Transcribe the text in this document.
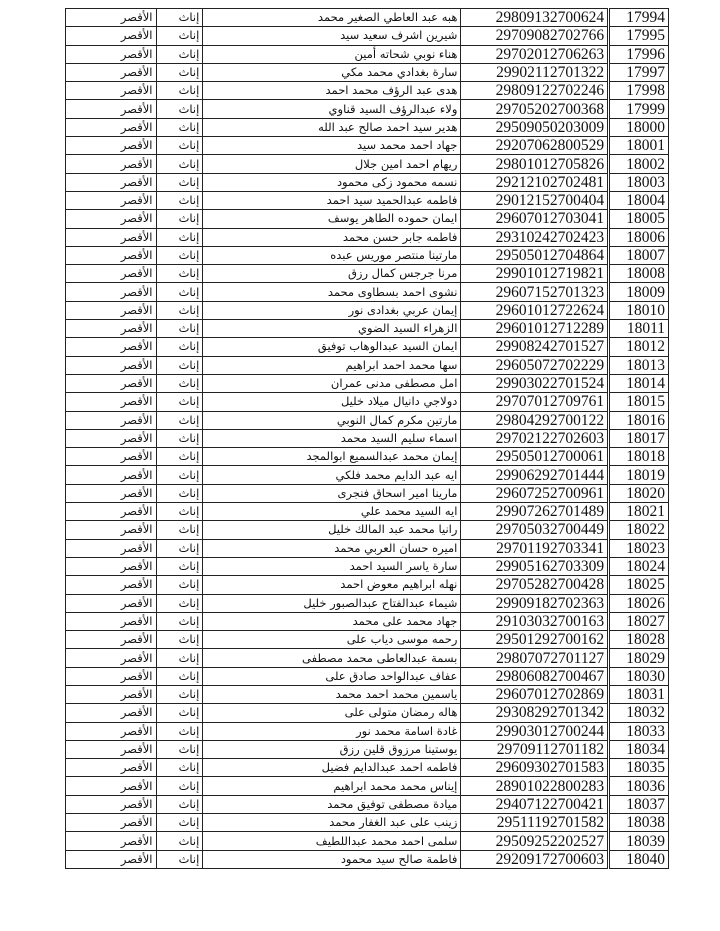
الأقصر	إناث	هبه عبد العاطي الصغير محمد	29809132700624	17994
الأقصر	إناث	شيرين اشرف سعيد سيد	29709082702766	17995
الأقصر	إناث	هناء نوبي شحاته أمين	29702012706263	17996
الأقصر	إناث	سارة بغدادي محمد مكي	29902112701322	17997
الأقصر	إناث	هدى عبد الرؤف محمد احمد	29809122702246	17998
الأقصر	إناث	ولاء عبدالرؤف السيد قناوي	29705202700368	17999
الأقصر	إناث	هدير سيد احمد صالح عبد الله	29509050203009	18000
الأقصر	إناث	جهاد احمد محمد سيد	29207062800529	18001
الأقصر	إناث	ريهام احمد امين جلال	29801012705826	18002
الأقصر	إناث	نسمه محمود زكى محمود	29212102702481	18003
الأقصر	إناث	فاطمه عبدالحميد سيد احمد	29012152700404	18004
الأقصر	إناث	ايمان حموده الطاهر يوسف	29607012703041	18005
الأقصر	إناث	فاطمه جابر حسن محمد	29310242702423	18006
الأقصر	إناث	مارتينا منتصر موريس عبده	29505012704864	18007
الأقصر	إناث	مرنا جرجس كمال رزق	29901012719821	18008
الأقصر	إناث	نشوى احمد بسطاوى محمد	29607152701323	18009
الأقصر	إناث	إيمان عربي بغدادى نور	29601012722624	18010
الأقصر	إناث	الزهراء السيد الضوي	29601012712289	18011
الأقصر	إناث	ايمان السيد عبدالوهاب توفيق	29908242701527	18012
الأقصر	إناث	سها محمد احمد ابراهيم	29605072702229	18013
الأقصر	إناث	امل مصطفى مدنى عمران	29903022701524	18014
الأقصر	إناث	دولاجي دانيال ميلاد خليل	29707012709761	18015
الأقصر	إناث	مارتين مكرم كمال النوبي	29804292700122	18016
الأقصر	إناث	اسماء سليم السيد محمد	29702122702603	18017
الأقصر	إناث	إيمان محمد عبدالسميع ابوالمجد	29505012700061	18018
الأقصر	إناث	ايه عبد الدايم محمد فلكي	29906292701444	18019
الأقصر	إناث	مارينا امير اسحاق فنجرى	29607252700961	18020
الأقصر	إناث	ايه السيد محمد علي	29907262701489	18021
الأقصر	إناث	رانيا محمد عبد المالك خليل	29705032700449	18022
الأقصر	إناث	اميره حسان العربي محمد	29701192703341	18023
الأقصر	إناث	سارة ياسر السيد احمد	29905162703309	18024
الأقصر	إناث	نهله ابراهيم معوض احمد	29705282700428	18025
الأقصر	إناث	شيماء عبدالفتاح عبدالصبور خليل	29909182702363	18026
الأقصر	إناث	جهاد محمد على محمد	29103032700163	18027
الأقصر	إناث	رحمه موسى دياب على	29501292700162	18028
الأقصر	إناث	بسمة عبدالعاطى محمد مصطفى	29807072701127	18029
الأقصر	إناث	عفاف عبدالواحد صادق على	29806082700467	18030
الأقصر	إناث	ياسمين محمد احمد محمد	29607012702869	18031
الأقصر	إناث	هاله رمضان متولى على	29308292701342	18032
الأقصر	إناث	غادة اسامة محمد نور	29903012700244	18033
الأقصر	إناث	يوستينا مرزوق قلين رزق	29709112701182	18034
الأقصر	إناث	فاطمه احمد عبدالدايم فضيل	29609302701583	18035
الأقصر	إناث	إيناس محمد محمد ابراهيم	28901022800283	18036
الأقصر	إناث	ميادة مصطفى توفيق محمد	29407122700421	18037
الأقصر	إناث	زينب على عبد الغفار محمد	29511192701582	18038
الأقصر	إناث	سلمى احمد محمد عبداللطيف	29509252202527	18039
الأقصر	إناث	فاطمة صالح سيد محمود	29209172700603	18040
